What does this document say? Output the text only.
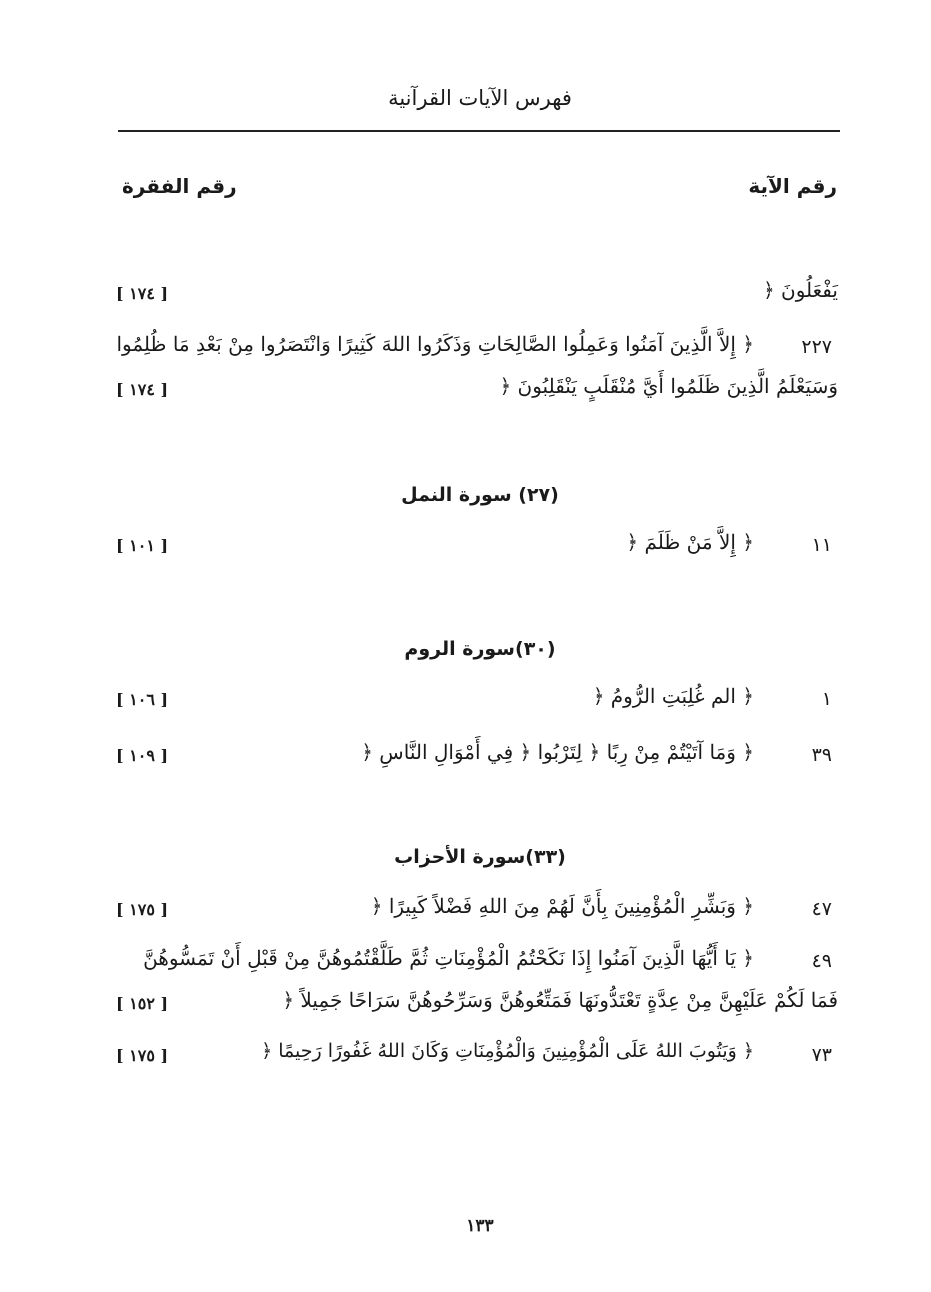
فهرس الآيات القرآنية
رقم الآية
رقم الفقرة
يَفْعَلُونَ ﴿
[ ١٧٤ ]
٢٢٧
﴿ إِلاَّ الَّذِينَ آمَنُوا وَعَمِلُوا الصَّالِحَاتِ وَذَكَرُوا اللهَ كَثِيرًا وَانْتَصَرُوا مِنْ بَعْدِ مَا ظُلِمُوا
وَسَيَعْلَمُ الَّذِينَ ظَلَمُوا أَيَّ مُنْقَلَبٍ يَنْقَلِبُونَ ﴿
[ ١٧٤ ]
(٢٧) سورة النمل
١١
﴿ إِلاَّ مَنْ ظَلَمَ ﴿
[ ١٠١ ]
(٣٠)سورة الروم
١
﴿ الم غُلِبَتِ الرُّومُ ﴿
[ ١٠٦ ]
٣٩
﴿ وَمَا آتَيْتُمْ مِنْ رِبًا ﴿ لِتَرْبُوا ﴿ فِي أَمْوَالِ النَّاسِ ﴿
[ ١٠٩ ]
(٣٣)سورة الأحزاب
٤٧
﴿ وَبَشِّرِ الْمُؤْمِنِينَ بِأَنَّ لَهُمْ مِنَ اللهِ فَضْلاً كَبِيرًا ﴿
[ ١٧٥ ]
٤٩
﴿ يَا أَيُّهَا الَّذِينَ آمَنُوا إِذَا نَكَحْتُمُ الْمُؤْمِنَاتِ ثُمَّ طَلَّقْتُمُوهُنَّ مِنْ قَبْلِ أَنْ تَمَسُّوهُنَّ
فَمَا لَكُمْ عَلَيْهِنَّ مِنْ عِدَّةٍ تَعْتَدُّونَهَا فَمَتِّعُوهُنَّ وَسَرِّحُوهُنَّ سَرَاحًا جَمِيلاً ﴿
[ ١٥٢ ]
٧٣
﴿ وَيَتُوبَ اللهُ عَلَى الْمُؤْمِنِينَ وَالْمُؤْمِنَاتِ وَكَانَ اللهُ غَفُورًا رَحِيمًا ﴿
[ ١٧٥ ]
١٣٣
